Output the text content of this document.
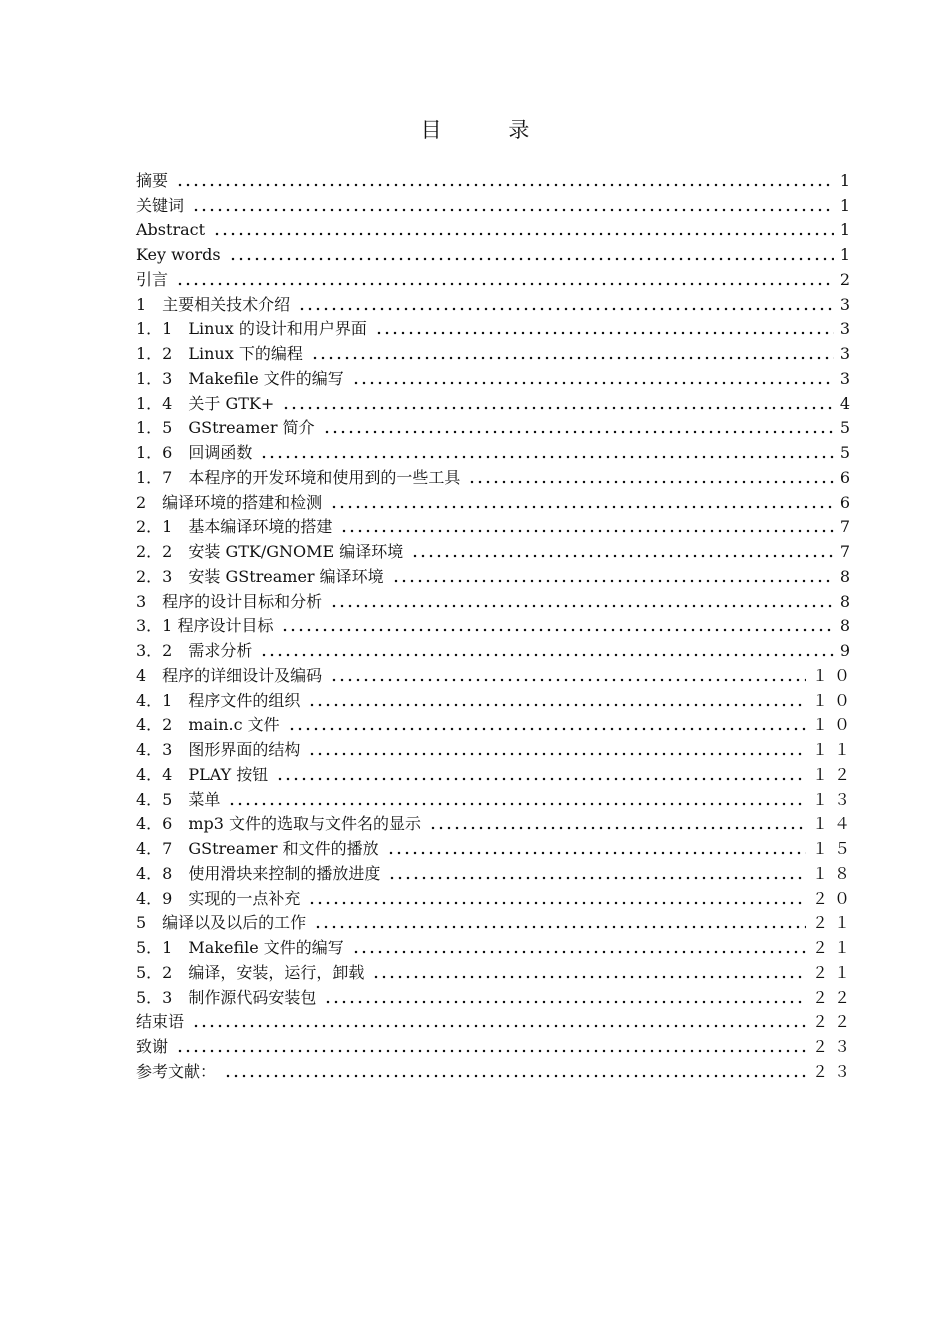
目 录
摘要	1
关键词	1
Abstract	1
Key words	1
引言	2
1　主要相关技术介绍	3
1．1　Linux 的设计和用户界面	3
1．2　Linux 下的编程	3
1．3　Makefile 文件的编写	3
1．4　关于 GTK+	4
1．5　GStreamer 简介	5
1．6　回调函数	5
1．7　本程序的开发环境和使用到的一些工具	6
2　编译环境的搭建和检测	6
2．1　基本编译环境的搭建	7
2．2　安装 GTK/GNOME 编译环境	7
2．3　安装 GStreamer 编译环境	8
3　程序的设计目标和分析	8
3．1 程序设计目标	8
3．2　需求分析	9
4　程序的详细设计及编码	１０
4．1　程序文件的组织	１０
4．2　main.c 文件	１０
4．3　图形界面的结构	１１
4．4　PLAY 按钮	１２
4．5　菜单	１３
4．6　mp3 文件的选取与文件名的显示	１４
4．7　GStreamer 和文件的播放	１５
4．8　使用滑块来控制的播放进度	１８
4．9　实现的一点补充	２０
5　编译以及以后的工作	２１
5．1　Makefile 文件的编写	２１
5．2　编译，安装，运行，卸载	２１
5．3　制作源代码安装包	２２
结束语	２２
致谢	２３
参考文献：	２３
